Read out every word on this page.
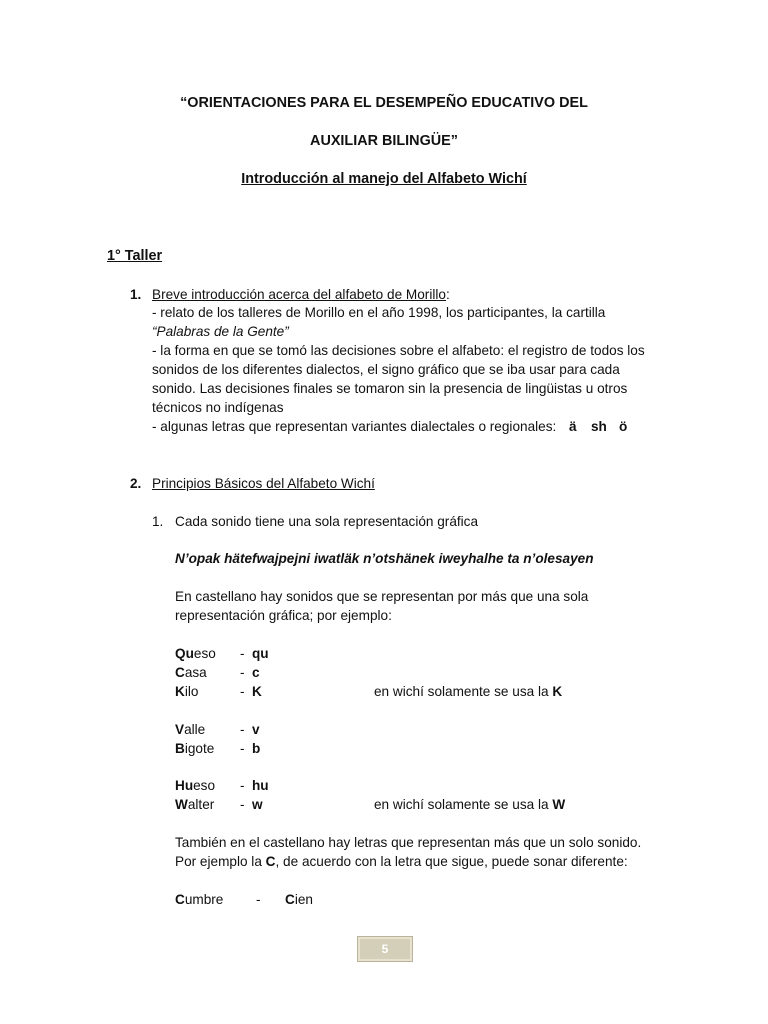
“ORIENTACIONES PARA EL DESEMPEÑO EDUCATIVO DEL
AUXILIAR BILINGÜE”
Introducción al manejo del Alfabeto Wichí
1° Taller
1. Breve introducción acerca del alfabeto de Morillo:
- relato de los talleres de Morillo en el año 1998, los participantes, la cartilla
“Palabras de la Gente”
- la forma en que se tomó las decisiones sobre el alfabeto: el registro de todos los
sonidos de los diferentes dialectos, el signo gráfico que se iba usar para cada
sonido. Las decisiones finales se tomaron sin la presencia de lingüistas u otros
técnicos no indígenas
- algunas letras que representan variantes dialectales o regionales: ä sh ö
2. Principios Básicos del Alfabeto Wichí
1. Cada sonido tiene una sola representación gráfica
N’opak hätefwajpejni iwatläk n’otshänek iweyhalhe ta n’olesayen
En castellano hay sonidos que se representan por más que una sola
representación gráfica; por ejemplo:
Queso - qu
Casa - c
Kilo	- K	en wichí solamente se usa la K
Valle	- v
Bigote - b
Hueso - hu
Walter - w	en wichí solamente se usa la W
También en el castellano hay letras que representan más que un solo sonido.
Por ejemplo la C, de acuerdo con la letra que sigue, puede sonar diferente:
Cumbre - Cien
5
